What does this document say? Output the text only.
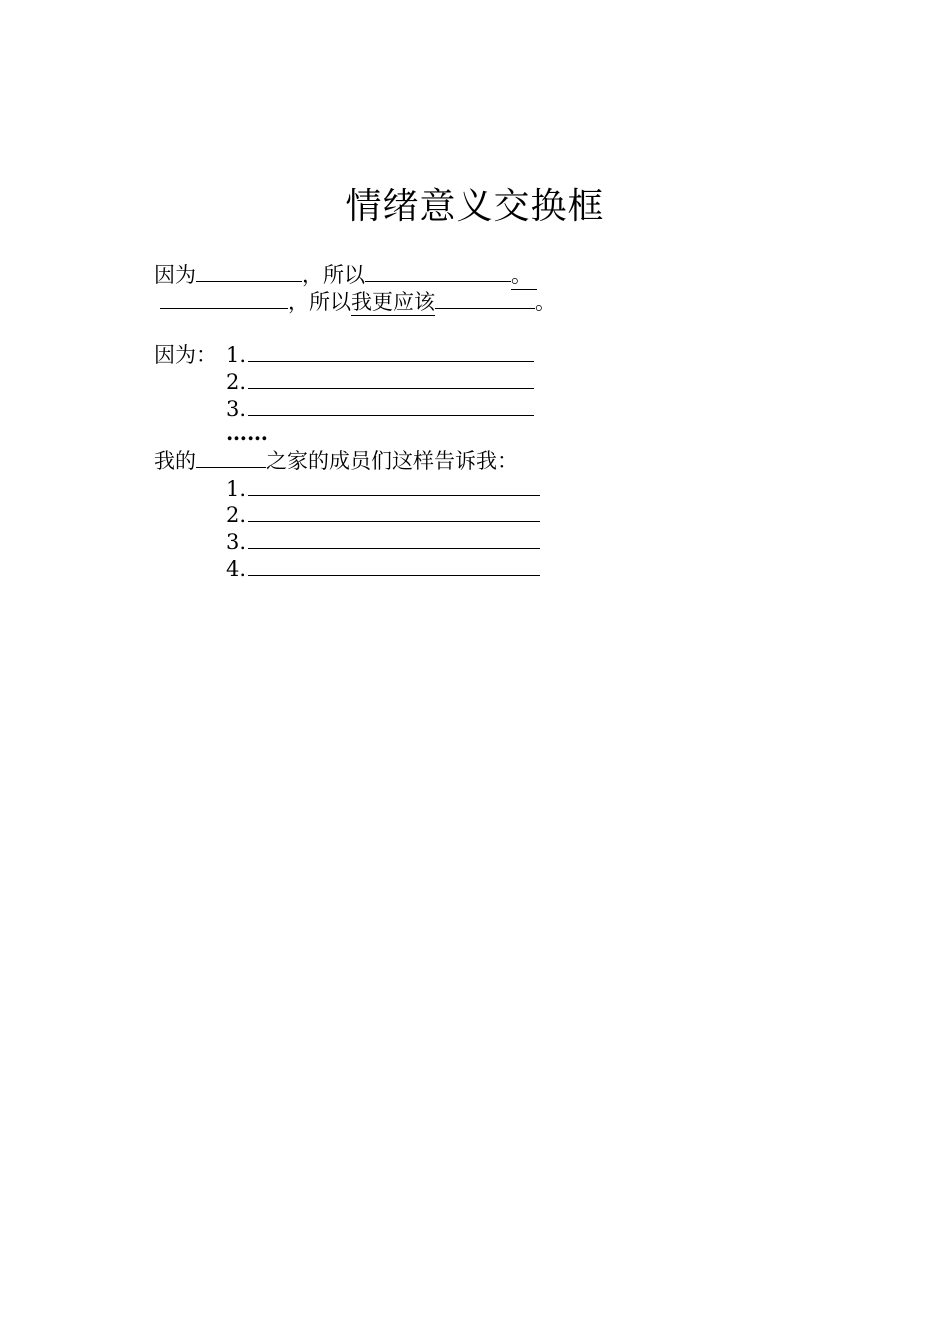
情绪意义交换框
因为	，所以	。
，所以我更应该	。
因为： 1.
2.
3.
……
我的	之家的成员们这样告诉我：
1.
2.
3.
4.
